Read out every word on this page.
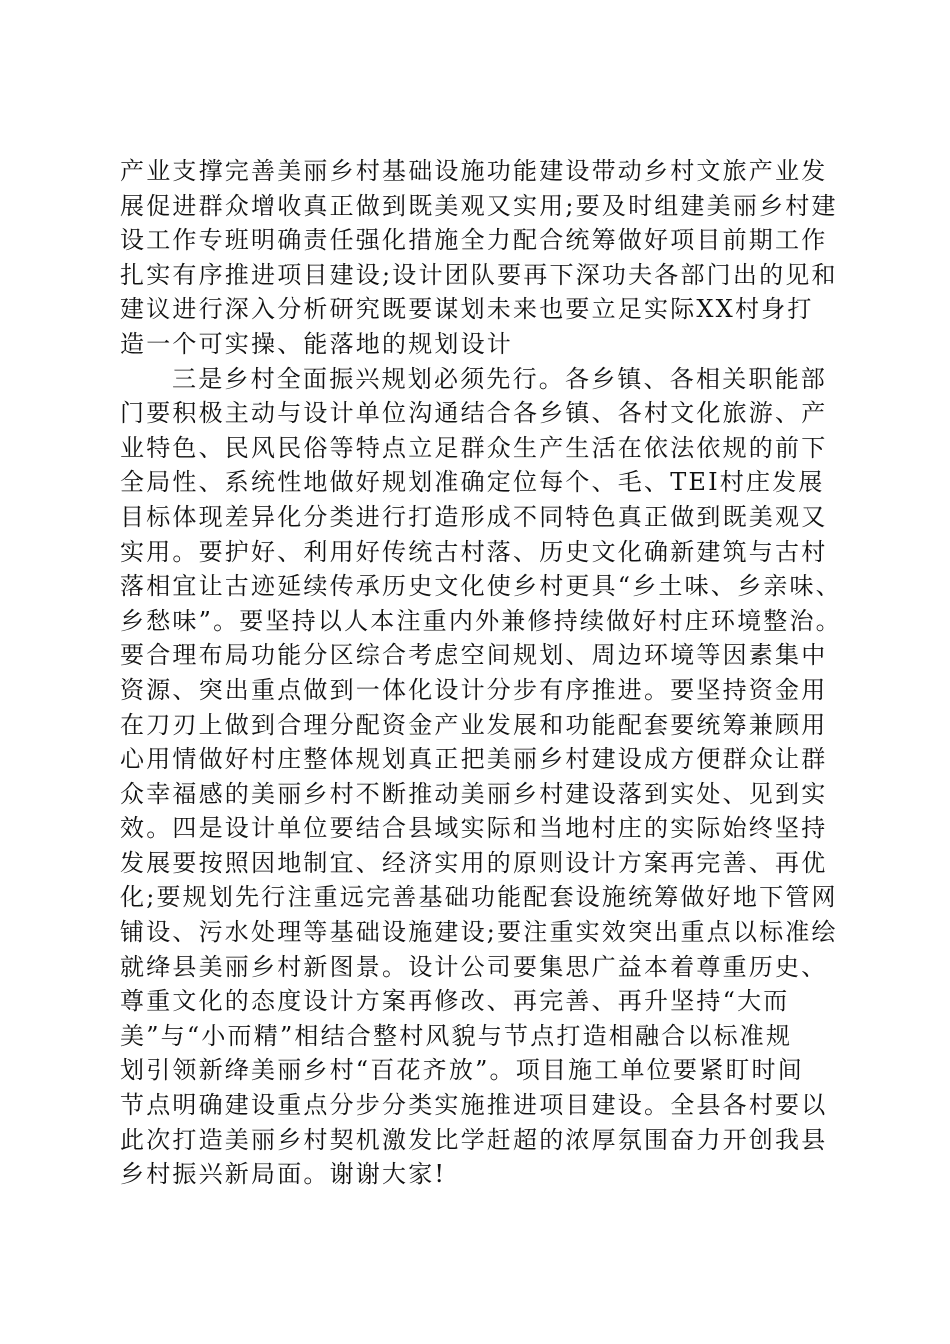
产业支撑完善美丽乡村基础设施功能建设带动乡村文旅产业发
展促进群众增收真正做到既美观又实用;要及时组建美丽乡村建
设工作专班明确责任强化措施全力配合统筹做好项目前期工作
扎实有序推进项目建设;设计团队要再下深功夫各部门出的见和
建议进行深入分析研究既要谋划未来也要立足实际XX村身打
造一个可实操、能落地的规划设计
三是乡村全面振兴规划必须先行。各乡镇、各相关职能部
门要积极主动与设计单位沟通结合各乡镇、各村文化旅游、产
业特色、民风民俗等特点立足群众生产生活在依法依规的前下
全局性、系统性地做好规划准确定位每个、毛、TEI村庄发展
目标体现差异化分类进行打造形成不同特色真正做到既美观又
实用。要护好、利用好传统古村落、历史文化确新建筑与古村
落相宜让古迹延续传承历史文化使乡村更具“乡土味、乡亲味、
乡愁味”。要坚持以人本注重内外兼修持续做好村庄环境整治。
要合理布局功能分区综合考虑空间规划、周边环境等因素集中
资源、突出重点做到一体化设计分步有序推进。要坚持资金用
在刀刃上做到合理分配资金产业发展和功能配套要统筹兼顾用
心用情做好村庄整体规划真正把美丽乡村建设成方便群众让群
众幸福感的美丽乡村不断推动美丽乡村建设落到实处、见到实
效。四是设计单位要结合县域实际和当地村庄的实际始终坚持
发展要按照因地制宜、经济实用的原则设计方案再完善、再优
化;要规划先行注重远完善基础功能配套设施统筹做好地下管网
铺设、污水处理等基础设施建设;要注重实效突出重点以标准绘
就绛县美丽乡村新图景。设计公司要集思广益本着尊重历史、
尊重文化的态度设计方案再修改、再完善、再升坚持“大而
美”与“小而精”相结合整村风貌与节点打造相融合以标准规
划引领新绛美丽乡村“百花齐放”。项目施工单位要紧盯时间
节点明确建设重点分步分类实施推进项目建设。全县各村要以
此次打造美丽乡村契机激发比学赶超的浓厚氛围奋力开创我县
乡村振兴新局面。谢谢大家!
